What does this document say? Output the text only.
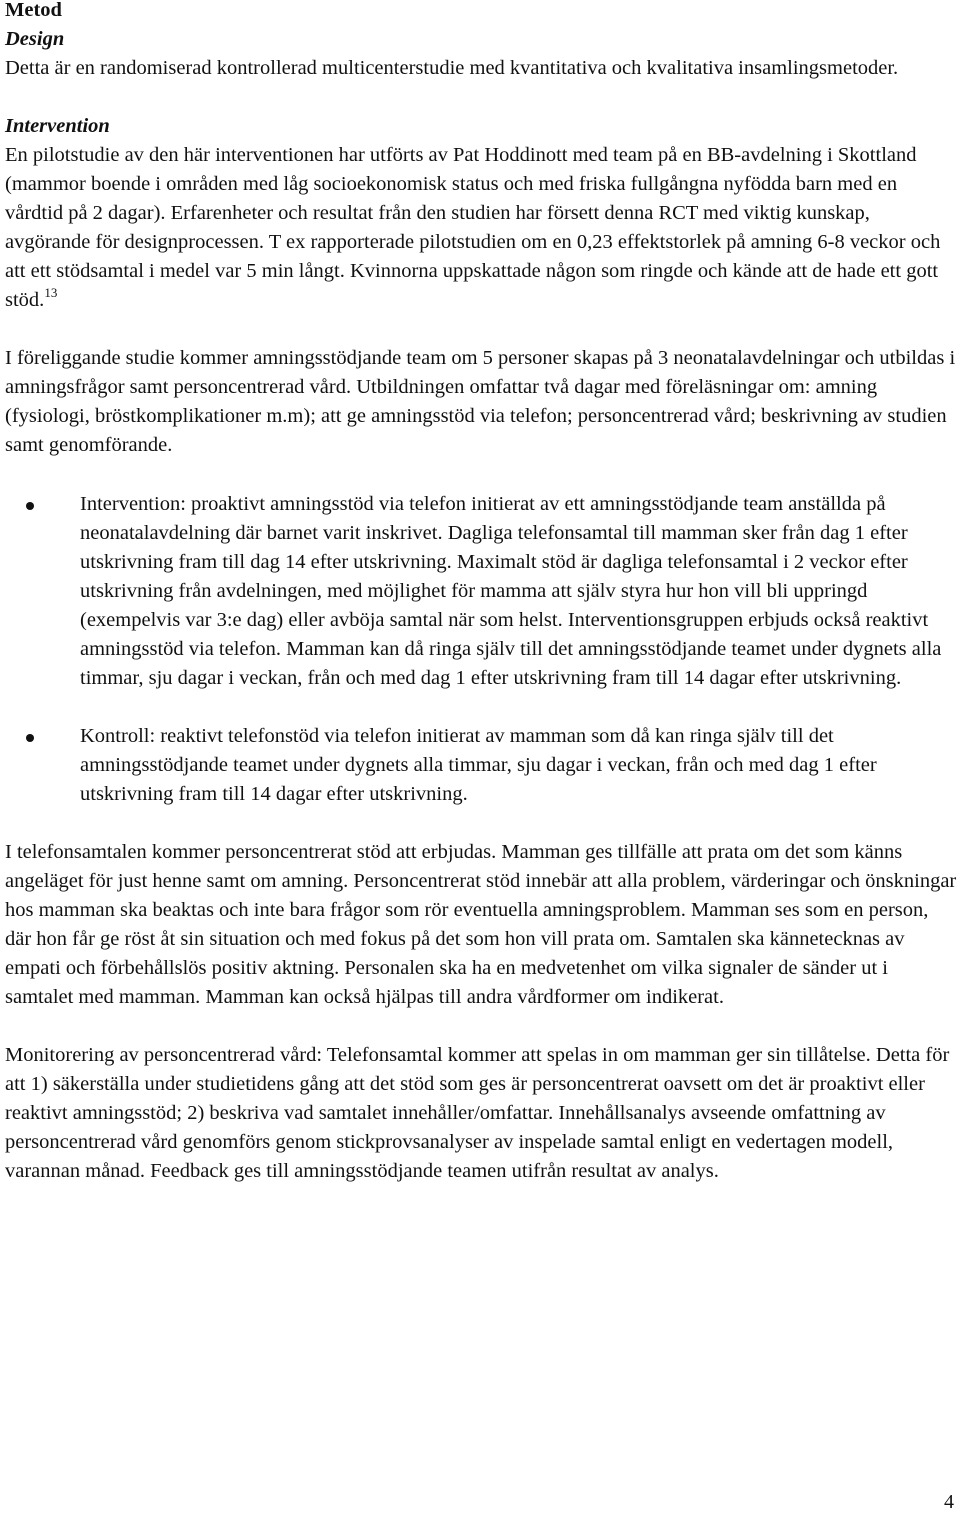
Metod

Design

Detta är en randomiserad kontrollerad multicenterstudie med kvantitativa och kvalitativa insamlingsmetoder.

Intervention

En pilotstudie av den här interventionen har utförts av Pat Hoddinott med team på en BB-avdelning i Skottland (mammor boende i områden med låg socioekonomisk status och med friska fullgångna nyfödda barn med en vårdtid på 2 dagar). Erfarenheter och resultat från den studien har försett denna RCT med viktig kunskap, avgörande för designprocessen. T ex rapporterade pilotstudien om en 0,23 effektstorlek på amning 6-8 veckor och att ett stödsamtal i medel var 5 min långt. Kvinnorna uppskattade någon som ringde och kände att de hade ett gott stöd.$^{13}$

I föreliggande studie kommer amningsstödjande team om 5 personer skapas på 3 neonatalavdelningar och utbildas i amningsfrågor samt personcentrerad vård. Utbildningen omfattar två dagar med föreläsningar om: amning (fysiologi, bröstkomplikationer m.m); att ge amningsstöd via telefon; personcentrerad vård; beskrivning av studien samt genomförande.

Intervention: proaktivt amningsstöd via telefon initierat av ett amningsstödjande team anställda på neonatalavdelning där barnet varit inskrivet. Dagliga telefonsamtal till mamman sker från dag 1 efter utskrivning fram till dag 14 efter utskrivning. Maximalt stöd är dagliga telefonsamtal i 2 veckor efter utskrivning från avdelningen, med möjlighet för mamma att själv styra hur hon vill bli uppringd (exempelvis var 3:e dag) eller avböja samtal när som helst. Interventionsgruppen erbjuds också reaktivt amningsstöd via telefon. Mamman kan då ringa själv till det amningsstödjande teamet under dygnets alla timmar, sju dagar i veckan, från och med dag 1 efter utskrivning fram till 14 dagar efter utskrivning.
Kontroll: reaktivt telefonstöd via telefon initierat av mamman som då kan ringa själv till det amningsstödjande teamet under dygnets alla timmar, sju dagar i veckan, från och med dag 1 efter utskrivning fram till 14 dagar efter utskrivning.

I telefonsamtalen kommer personcentrerat stöd att erbjudas. Mamman ges tillfälle att prata om det som känns angeläget för just henne samt om amning. Personcentrerat stöd innebär att alla problem, värderingar och önskningar hos mamman ska beaktas och inte bara frågor som rör eventuella amningsproblem. Mamman ses som en person, där hon får ge röst åt sin situation och med fokus på det som hon vill prata om. Samtalen ska kännetecknas av empati och förbehållslös positiv aktning. Personalen ska ha en medvetenhet om vilka signaler de sänder ut i samtalet med mamman. Mamman kan också hjälpas till andra vårdformer om indikerat.

Monitorering av personcentrerad vård: Telefonsamtal kommer att spelas in om mamman ger sin tillåtelse. Detta för att 1) säkerställa under studietidens gång att det stöd som ges är personcentrerat oavsett om det är proaktivt eller reaktivt amningsstöd; 2) beskriva vad samtalet innehåller/omfattar. Innehållsanalys avseende omfattning av personcentrerad vård genomförs genom stickprovsanalyser av inspelade samtal enligt en vedertagen modell, varannan månad. Feedback ges till amningsstödjande teamen utifrån resultat av analys.

4
